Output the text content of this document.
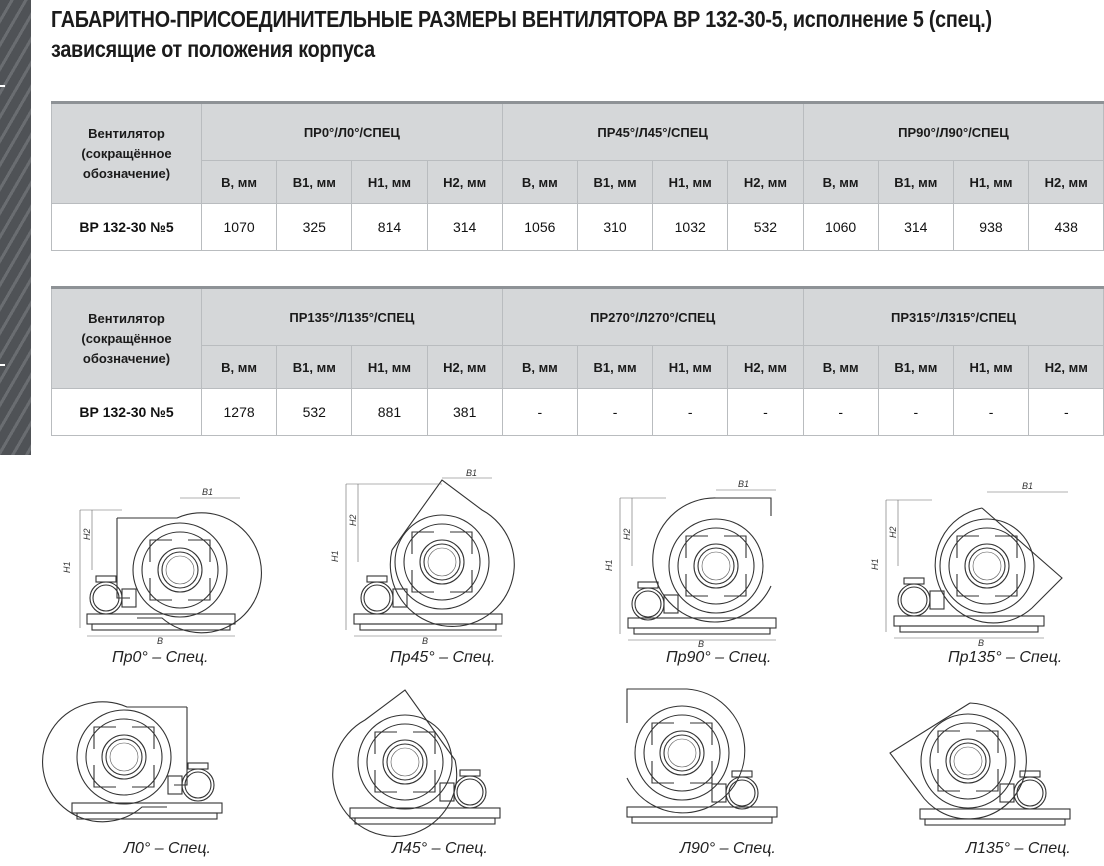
ГАБАРИТНО-ПРИСОЕДИНИТЕЛЬНЫЕ РАЗМЕРЫ ВЕНТИЛЯТОРА ВР 132-30-5, исполнение 5 (спец.)
зависящие от положения корпуса
Вентилятор (сокращённое обозначение)	ПР0°/Л0°/СПЕЦ				ПР45°/Л45°/СПЕЦ				ПР90°/Л90°/СПЕЦ			
	B, мм	B1, мм	H1, мм	H2, мм	B, мм	B1, мм	H1, мм	H2, мм	B, мм	B1, мм	H1, мм	H2, мм
ВР 132-30 №5	1070	325	814	314	1056	310	1032	532	1060	314	938	438
Вентилятор (сокращённое обозначение)	ПР135°/Л135°/СПЕЦ				ПР270°/Л270°/СПЕЦ				ПР315°/Л315°/СПЕЦ			
	B, мм	B1, мм	H1, мм	H2, мм	B, мм	B1, мм	H1, мм	H2, мм	B, мм	B1, мм	H1, мм	H2, мм
ВР 132-30 №5	1278	532	881	381	-	-	-	-	-	-	-	-
H1
H2
B
B1
Пр0° – Спец.
H1
H2
B
B1
Пр45° – Спец.
H1
H2
B
B1
Пр90° – Спец.
H1
H2
B
B1
Пр135° – Спец.
Л0° – Спец.	Л45° – Спец.	Л90° – Спец.	Л135° – Спец.
